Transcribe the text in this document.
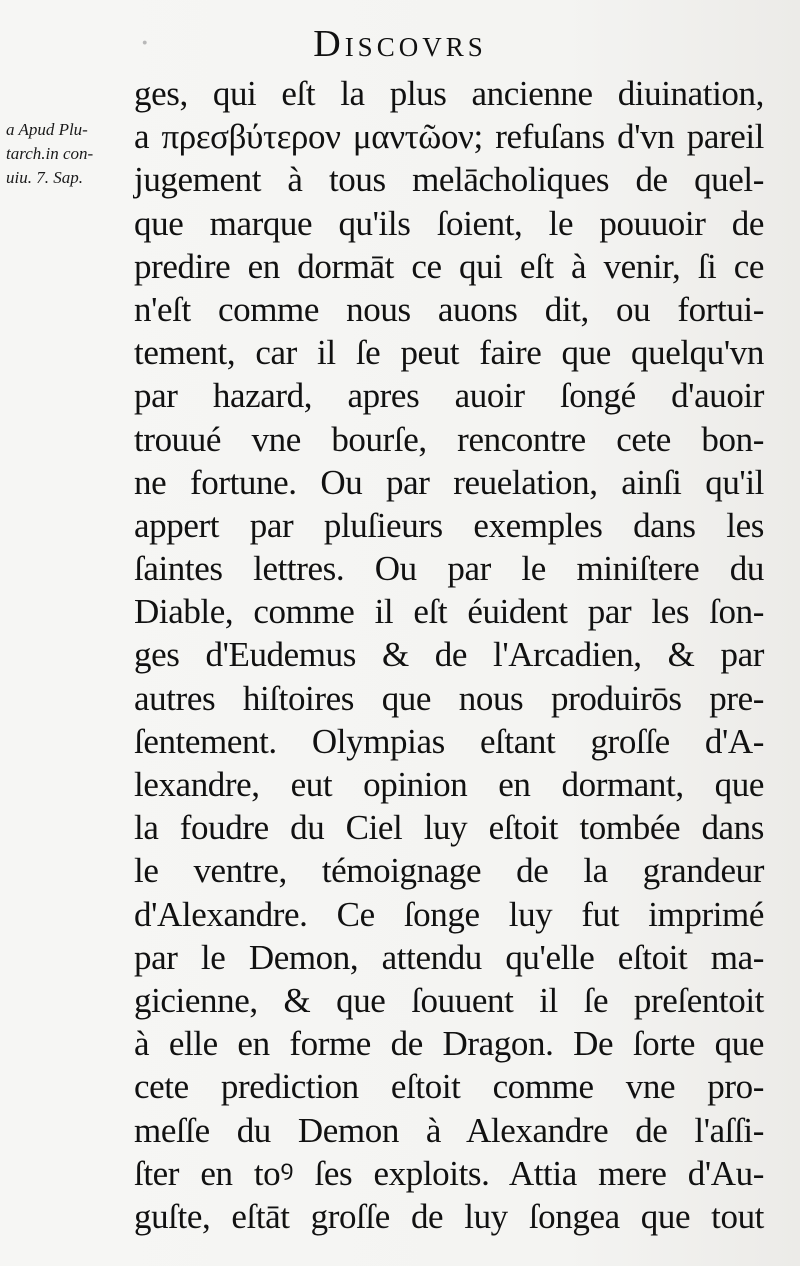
·	Discovrs
a Apud Plu-
tarch.in con-
uiu. 7. Sap.
ges, qui eſt la plus ancienne diuination,
a πρεσβύτερον μαντῶον; refuſans d'vn pareil
jugement à tous melācholiques de quel-
que marque qu'ils ſoient, le pouuoir de
predire en dormāt ce qui eſt à venir, ſi ce
n'eſt comme nous auons dit, ou fortui-
tement, car il ſe peut faire que quelqu'vn
par hazard, apres auoir ſongé d'auoir
trouué vne bourſe, rencontre cete bon-
ne fortune. Ou par reuelation, ainſi qu'il
appert par pluſieurs exemples dans les
ſaintes lettres. Ou par le miniſtere du
Diable, comme il eſt éuident par les ſon-
ges d'Eudemus & de l'Arcadien, & par
autres hiſtoires que nous produirōs pre-
ſentement. Olympias eſtant groſſe d'A-
lexandre, eut opinion en dormant, que
la foudre du Ciel luy eſtoit tombée dans
le ventre, témoignage de la grandeur
d'Alexandre. Ce ſonge luy fut imprimé
par le Demon, attendu qu'elle eſtoit ma-
gicienne, & que ſouuent il ſe preſentoit
à elle en forme de Dragon. De ſorte que
cete prediction eſtoit comme vne pro-
meſſe du Demon à Alexandre de l'aſſi-
ſter en toꝰ ſes exploits. Attia mere d'Au-
guſte, eſtāt groſſe de luy ſongea que tout
